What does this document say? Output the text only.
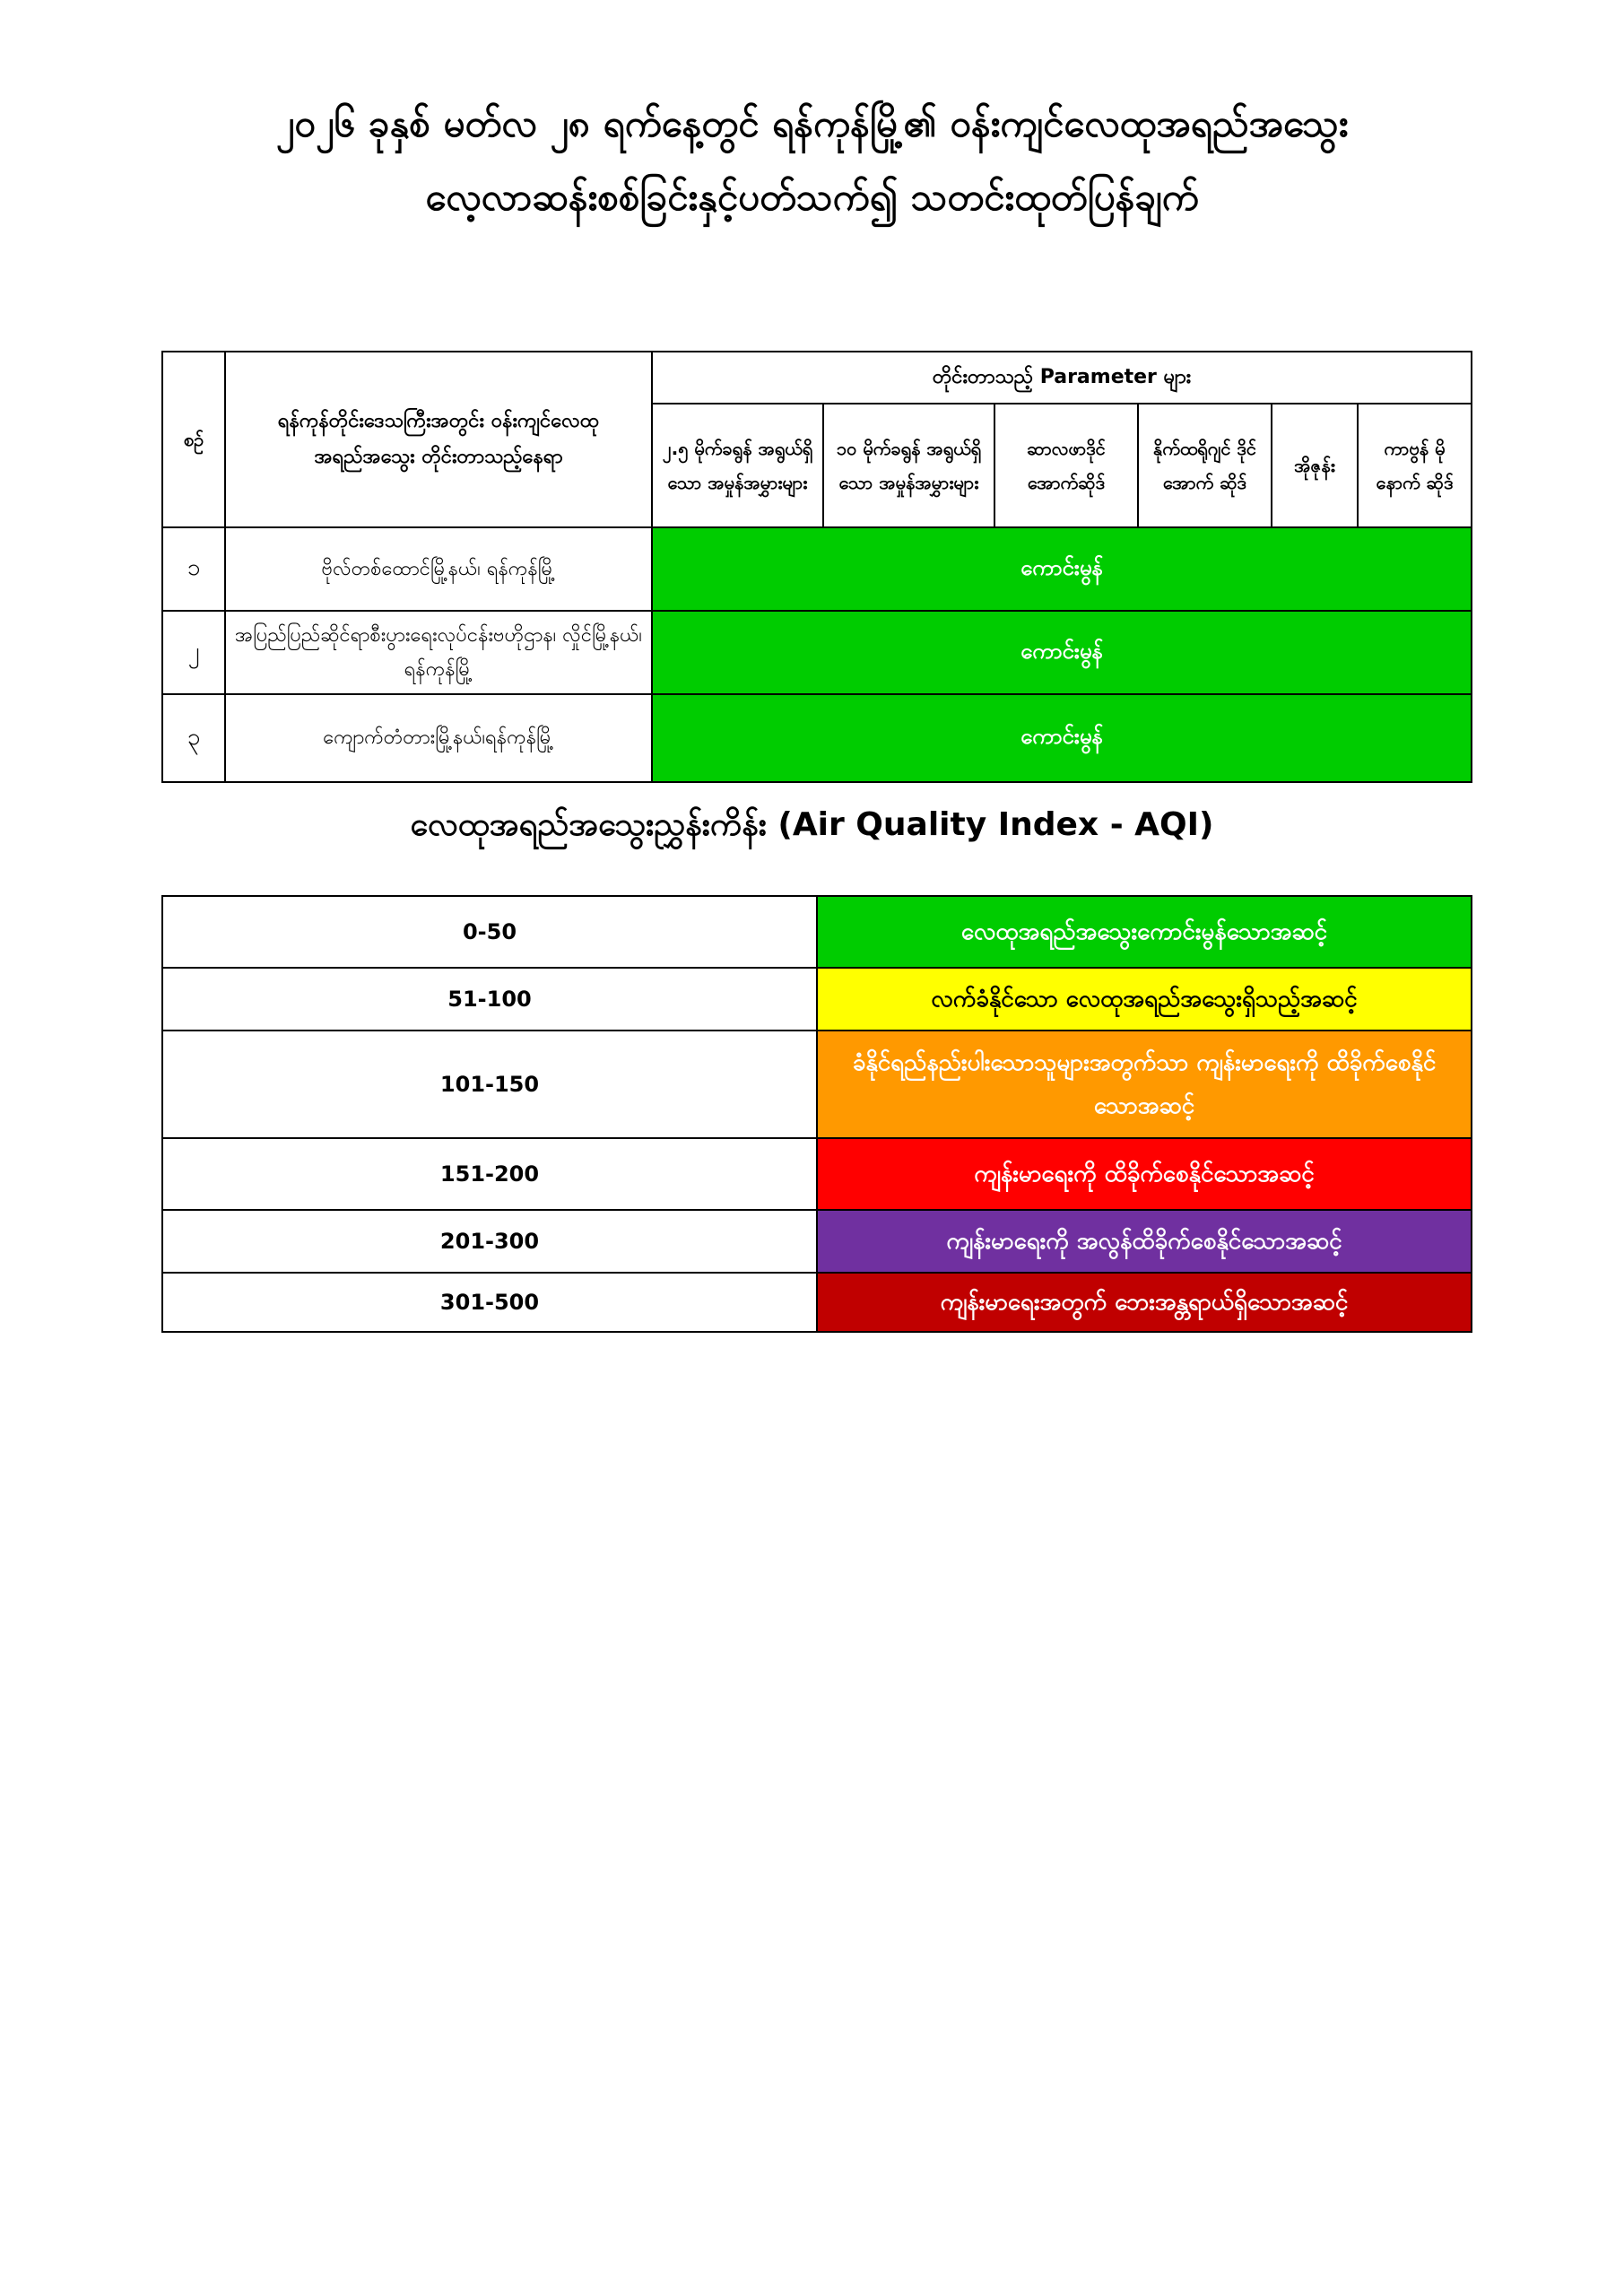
၂၀၂၆ ခုနှစ် မတ်လ ၂၈ ရက်နေ့တွင် ရန်ကုန်မြို့၏ ဝန်းကျင်လေထုအရည်အသွေး
လေ့လာဆန်းစစ်ခြင်းနှင့်ပတ်သက်၍ သတင်းထုတ်ပြန်ချက်
စဉ်	ရန်ကုန်တိုင်းဒေသကြီးအတွင်း ဝန်းကျင်လေထု အရည်အသွေး တိုင်းတာသည့်နေရာ	တိုင်းတာသည့် Parameter များ					
		၂.၅ မိုက်ခရွန် အရွယ်ရှိသော အမှုန်အမွှားများ	၁၀ မိုက်ခရွန် အရွယ်ရှိသော အမှုန်အမွှားများ	ဆာလဖာဒိုင် အောက်ဆိုဒ်	နိုက်ထရိုဂျင် ဒိုင်အောက် ဆိုဒ်	အိုဇုန်း	ကာဗွန် မိုနောက် ဆိုဒ်
၁	ဗိုလ်တစ်ထောင်မြို့နယ်၊ ရန်ကုန်မြို့	ကောင်းမွန်					
၂	အပြည်ပြည်ဆိုင်ရာစီးပွားရေးလုပ်ငန်းဗဟိုဌာန၊ လှိုင်မြို့နယ်၊ ရန်ကုန်မြို့	ကောင်းမွန်					
၃	ကျောက်တံတားမြို့နယ်၊ရန်ကုန်မြို့	ကောင်းမွန်					
လေထုအရည်အသွေးညွှန်းကိန်း (Air Quality Index - AQI)
0-50	လေထုအရည်အသွေးကောင်းမွန်သောအဆင့်
51-100	လက်ခံနိုင်သော လေထုအရည်အသွေးရှိသည့်အဆင့်
101-150	ခံနိုင်ရည်နည်းပါးသောသူများအတွက်သာ ကျန်းမာရေးကို ထိခိုက်စေနိုင်သောအဆင့်
151-200	ကျန်းမာရေးကို ထိခိုက်စေနိုင်သောအဆင့်
201-300	ကျန်းမာရေးကို အလွန်ထိခိုက်စေနိုင်သောအဆင့်
301-500	ကျန်းမာရေးအတွက် ဘေးအန္တရာယ်ရှိသောအဆင့်
